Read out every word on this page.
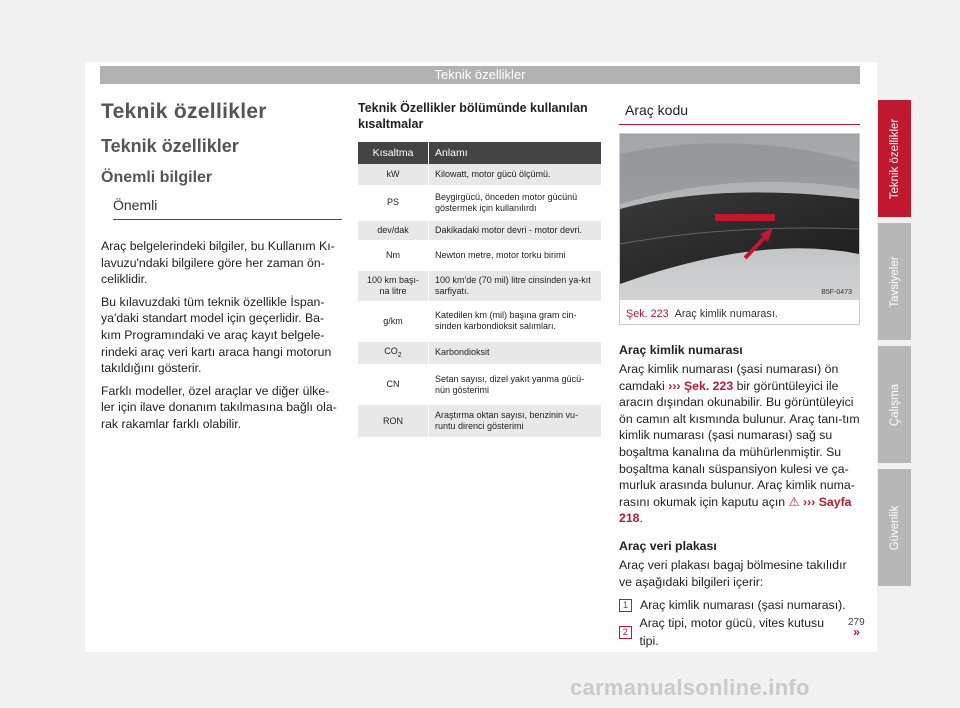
Teknik özellikler
Teknik özellikler
Teknik özellikler
Önemli bilgiler
Önemli

Araç belgelerindeki bilgiler, bu Kullanım Kı-lavuzu'ndaki bilgilere göre her zaman ön-celiklidir.

Bu kılavuzdaki tüm teknik özellikle İspan-ya'daki standart model için geçerlidir. Ba-kım Programındaki ve araç kayıt belgele-rindeki araç veri kartı araca hangi motorun takıldığını gösterir.

Farklı modeller, özel araçlar ve diğer ülke-ler için ilave donanım takılmasına bağlı ola-rak rakamlar farklı olabilir.

Teknik Özellikler bölümünde kullanılan kısaltmalar
Kısaltma	Anlamı
kW	Kilowatt, motor gücü ölçümü.
PS	Beygirgücü, önceden motor gücünü göstermek için kullanılırdı
dev/dak	Dakikadaki motor devri - motor devri.
Nm	Newton metre, motor torku birimi
100 km başı-na litre	100 km'de (70 mil) litre cinsinden ya-kıt sarfiyatı.
g/km	Katedilen km (mil) başına gram cin-sinden karbondioksit salımları.
$CO_2$	Karbondioksit
CN	Setan sayısı, dizel yakıt yanma gücü-nün gösterimi
RON	Araştırma oktan sayısı, benzinin vu-runtu direnci gösterimi
Araç kodu
B5F-0473
Şek. 223 Araç kimlik numarası.
Araç kimlik numarası

Araç kimlik numarası (şasi numarası) ön camdaki ››› Şek. 223 bir görüntüleyici ile aracın dışından okunabilir. Bu görüntüleyici ön camın alt kısmında bulunur. Araç tanı-tım kimlik numarası (şasi numarası) sağ su boşaltma kanalına da mühürlenmiştir. Su boşaltma kanalı süspansiyon kulesi ve ça-murluk arasında bulunur. Araç kimlik numa-rasını okumak için kaputu açın ⚠ ››› Sayfa 218.

Araç veri plakası

Araç veri plakası bagaj bölmesine takılıdır ve aşağıdaki bilgileri içerir:

1 Araç kimlik numarası (şasi numarası).
2
Araç tipi, motor gücü, vites kutusu tipi.
»
Teknik özellikler
Tavsiyeler
Çalışma
Güvenlik
279
carmanualsonline.info
